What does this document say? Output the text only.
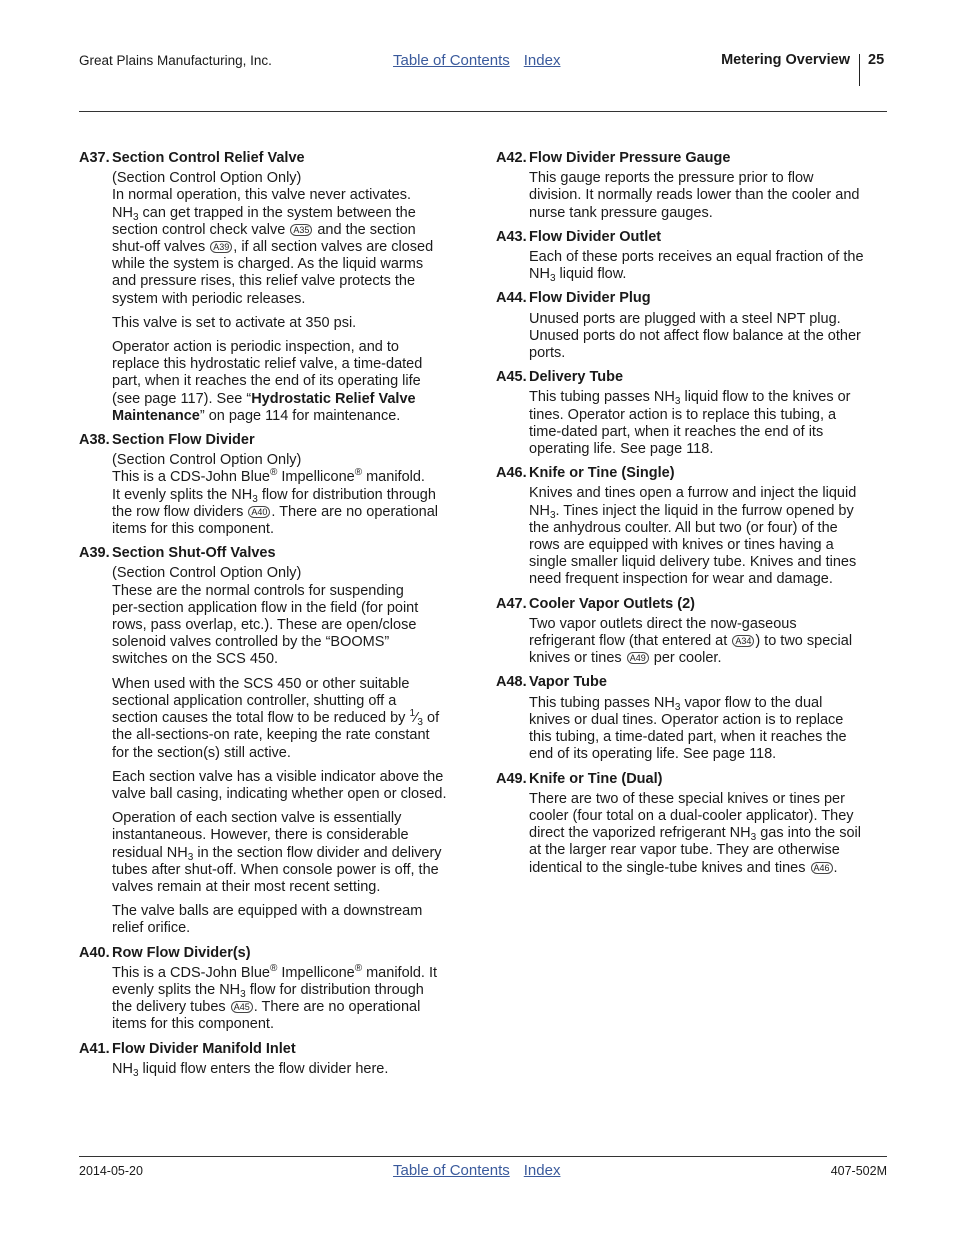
Great Plains Manufacturing, Inc.	Table of Contents Index	Metering Overview 25
A37. Section Control Relief Valve
(Section Control Option Only)
In normal operation, this valve never activates.
$NH_3$ can get trapped in the system between the
section control check valve A35 and the section
shut-off valves A39 , if all section valves are closed
while the system is charged. As the liquid warms
and pressure rises, this relief valve protects the
system with periodic releases.
This valve is set to activate at 350 psi.
Operator action is periodic inspection, and to
replace this hydrostatic relief valve, a time-dated
part, when it reaches the end of its operating life
(see page 117). See “Hydrostatic Relief Valve
Maintenance” on page 114 for maintenance.
A38. Section Flow Divider
(Section Control Option Only)
This is a CDS-John Blue® Impellicone® manifold.
It evenly splits the $NH_3$ flow for distribution through
the row flow dividers A40 . There are no operational
items for this component.
A39. Section Shut-Off Valves
(Section Control Option Only)
These are the normal controls for suspending
per-section application flow in the field (for point
rows, pass overlap, etc.). These are open/close
solenoid valves controlled by the “BOOMS”
switches on the SCS 450.
When used with the SCS 450 or other suitable
sectional application controller, shutting off a
section causes the total flow to be reduced by $^1⁄_3$ of
the all-sections-on rate, keeping the rate constant
for the section(s) still active.
Each section valve has a visible indicator above the
valve ball casing, indicating whether open or closed.
Operation of each section valve is essentially
instantaneous. However, there is considerable
residual $NH_3$ in the section flow divider and delivery
tubes after shut-off. When console power is off, the
valves remain at their most recent setting.
The valve balls are equipped with a downstream
relief orifice.
A40. Row Flow Divider(s)
This is a CDS-John Blue® Impellicone® manifold. It
evenly splits the $NH_3$ flow for distribution through
the delivery tubes A45 . There are no operational
items for this component.
A41. Flow Divider Manifold Inlet
$NH_3$ liquid flow enters the flow divider here.
A42. Flow Divider Pressure Gauge
This gauge reports the pressure prior to flow
division. It normally reads lower than the cooler and
nurse tank pressure gauges.
A43. Flow Divider Outlet
Each of these ports receives an equal fraction of the
$NH_3$ liquid flow.
A44. Flow Divider Plug
Unused ports are plugged with a steel NPT plug.
Unused ports do not affect flow balance at the other
ports.
A45. Delivery Tube
This tubing passes $NH_3$ liquid flow to the knives or
tines. Operator action is to replace this tubing, a
time-dated part, when it reaches the end of its
operating life. See page 118.
A46. Knife or Tine (Single)
Knives and tines open a furrow and inject the liquid
$NH_3$. Tines inject the liquid in the furrow opened by
the anhydrous coulter. All but two (or four) of the
rows are equipped with knives or tines having a
single smaller liquid delivery tube. Knives and tines
need frequent inspection for wear and damage.
A47. Cooler Vapor Outlets (2)
Two vapor outlets direct the now-gaseous
refrigerant flow (that entered at A34 ) to two special
knives or tines A49 per cooler.
A48. Vapor Tube
This tubing passes $NH_3$ vapor flow to the dual
knives or dual tines. Operator action is to replace
this tubing, a time-dated part, when it reaches the
end of its operating life. See page 118.
A49. Knife or Tine (Dual)
There are two of these special knives or tines per
cooler (four total on a dual-cooler applicator). They
direct the vaporized refrigerant $NH_3$ gas into the soil
at the larger rear vapor tube. They are otherwise
identical to the single-tube knives and tines A46 .
2014-05-20	Table of Contents Index	407-502M
